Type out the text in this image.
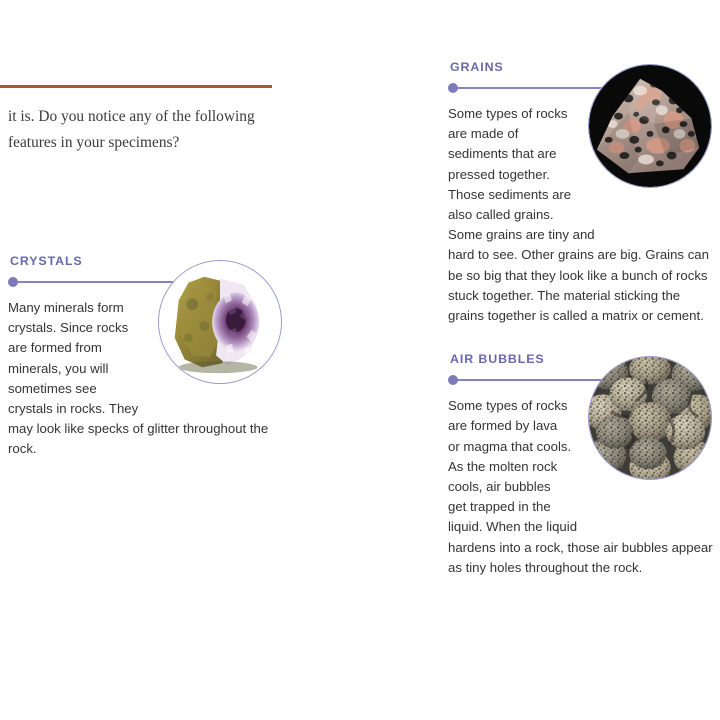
it is. Do you notice any of the following features in your specimens?

CRYSTALS

Many minerals form crystals. Since rocks are formed from minerals, you will sometimes see crystals in rocks. They may look like specks of glitter throughout the rock.

GRAINS

Some types of rocks are made of sediments that are pressed together. Those sediments are also called grains. Some grains are tiny and hard to see. Other grains are big. Grains can be so big that they look like a bunch of rocks stuck together. The material sticking the grains together is called a matrix or cement.

AIR BUBBLES

Some types of rocks are formed by lava or magma that cools. As the molten rock cools, air bubbles get trapped in the liquid. When the liquid hardens into a rock, those air bubbles appear as tiny holes throughout the rock.
